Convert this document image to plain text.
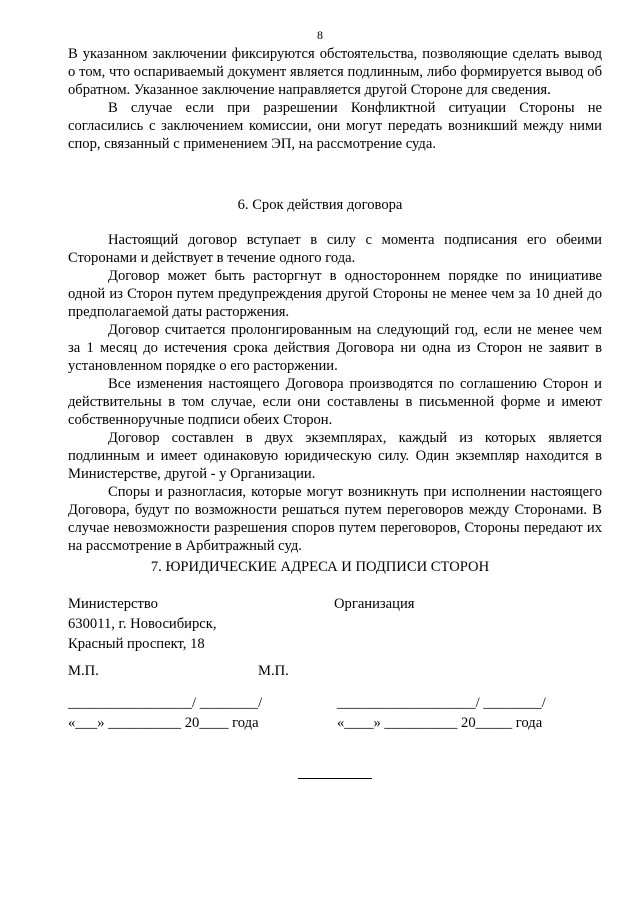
8

В указанном заключении фиксируются обстоятельства, позволяющие сделать вывод о том, что оспариваемый документ является подлинным, либо формируется вывод об обратном. Указанное заключение направляется другой Стороне для сведения.

В случае если при разрешении Конфликтной ситуации Стороны не согласились с заключением комиссии, они могут передать возникший между ними спор, связанный с применением ЭП, на рассмотрение суда.

6. Срок действия договора

Настоящий договор вступает в силу с момента подписания его обеими Сторонами и действует в течение одного года.

Договор может быть расторгнут в одностороннем порядке по инициативе одной из Сторон путем предупреждения другой Стороны не менее чем за 10 дней до предполагаемой даты расторжения.

Договор считается пролонгированным на следующий год, если не менее чем за 1 месяц до истечения срока действия Договора ни одна из Сторон не заявит в установленном порядке о его расторжении.

Все изменения настоящего Договора производятся по соглашению Сторон и действительны в том случае, если они составлены в письменной форме и имеют собственноручные подписи обеих Сторон.

Договор составлен в двух экземплярах, каждый из которых является подлинным и имеет одинаковую юридическую силу. Один экземпляр находится в Министерстве, другой - у Организации.

Споры и разногласия, которые могут возникнуть при исполнении настоящего Договора, будут по возможности решаться путем переговоров между Сторонами. В случае невозможности разрешения споров путем переговоров, Стороны передают их на рассмотрение в Арбитражный суд.

7. ЮРИДИЧЕСКИЕ АДРЕСА И ПОДПИСИ СТОРОН

Министерство
630011, г. Новосибирск,
Красный проспект, 18
Организация
М.П.	М.П.
_________________/ ________/
«___» __________ 20____ года
___________________/ ________/
«____» __________ 20_____ года
